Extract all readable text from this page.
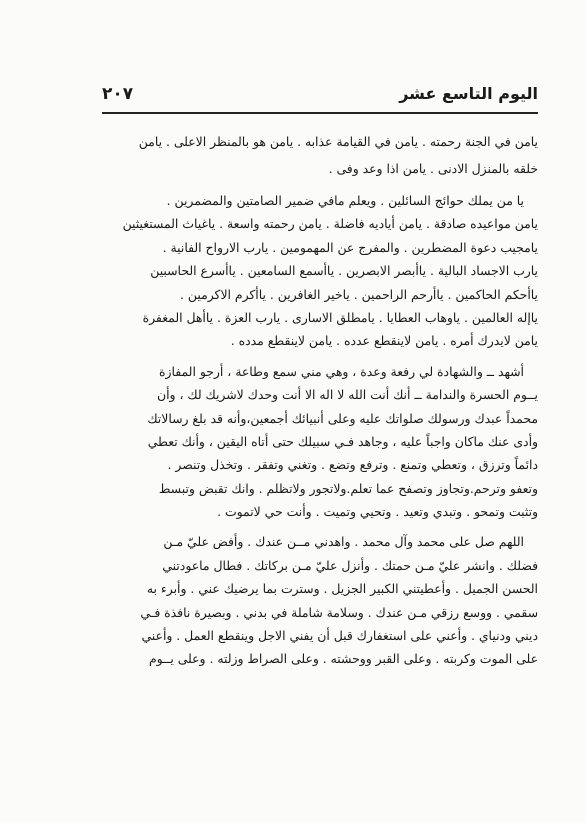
اليوم التاسع عشر
٢٠٧
يامن في الجنة رحمته . يامن في القيامة عذابه . يامن هو بالمنظر الاعلى . يامن
خلقه بالمنزل الادنى . يامن اذا وعد وفى .
يا من يملك حوائج السائلين . ويعلم مافي ضمير الصامتين والمضمرين .
يامن مواعيده صادقة . يامن أياديه فاضلة . يامن رحمته واسعة . ياغياث المستغيثين
يامجيب دعوة المضطرين . والمفرج عن المهمومين . يارب الارواح الفانية .
يارب الاجساد البالية . ياأبصر الابصرين . ياأسمع السامعين . ياأسرع الحاسبين
ياأحكم الحاكمين . ياأرحم الراحمين . ياخير الغافرين . ياأكرم الاكرمين .
ياإله العالمين . ياوهاب العطايا . يامطلق الاسارى . يارب العزة . ياأهل المغفرة
يامن لايدرك أمره . يامن لاينقطع عدده . يامن لاينقطع مدده .
أشهد ــ والشهادة لي رفعة وعدة ، وهي مني سمع وطاعة ، أرجو المفازة
يــوم الحسرة والندامة ــ أنك أنت الله لا اله الا أنت وحدك لاشريك لك ، وأن
محمداً عبدك ورسولك صلواتك عليه وعلى أنبيائك أجمعين،وأنه قد بلغ رسالاتك
وأدى عنك ماكان واجباً عليه ، وجاهد فـي سبيلك حتى أتاه اليقين ، وأنك تعطي
دائماً وترزق ، وتعطي وتمنع . وترفع وتضع . وتغني وتفقر . وتخذل وتنصر .
وتعفو وترحم.وتجاوز وتصفح عما تعلم.ولاتجور ولاتظلم . وانك تقبض وتبسط
وتثبت وتمحو . وتبدي وتعيد . وتحيي وتميت . وأنت حي لاتموت .
اللهم صل على محمد وآل محمد . واهدني مــن عندك . وأفض عليّ مـن
فضلك . وانشر عليّ مـن حمتك . وأنزل عليّ مـن بركاتك . فطال ماعودتني
الحسن الجميل . وأعطيتني الكبير الجزيل . وسترت بما يرضيك عني . وأبرء به
سقمي . ووسع رزقي مـن عندك . وسلامة شاملة في بدني . وبصيرة نافذة فـي
ديني ودنياي . وأعني على استغفارك قبل أن يفني الاجل وينقطع العمل . وأعني
على الموت وكربته . وعلى القبر ووحشته . وعلى الصراط وزلته . وعلى يــوم
